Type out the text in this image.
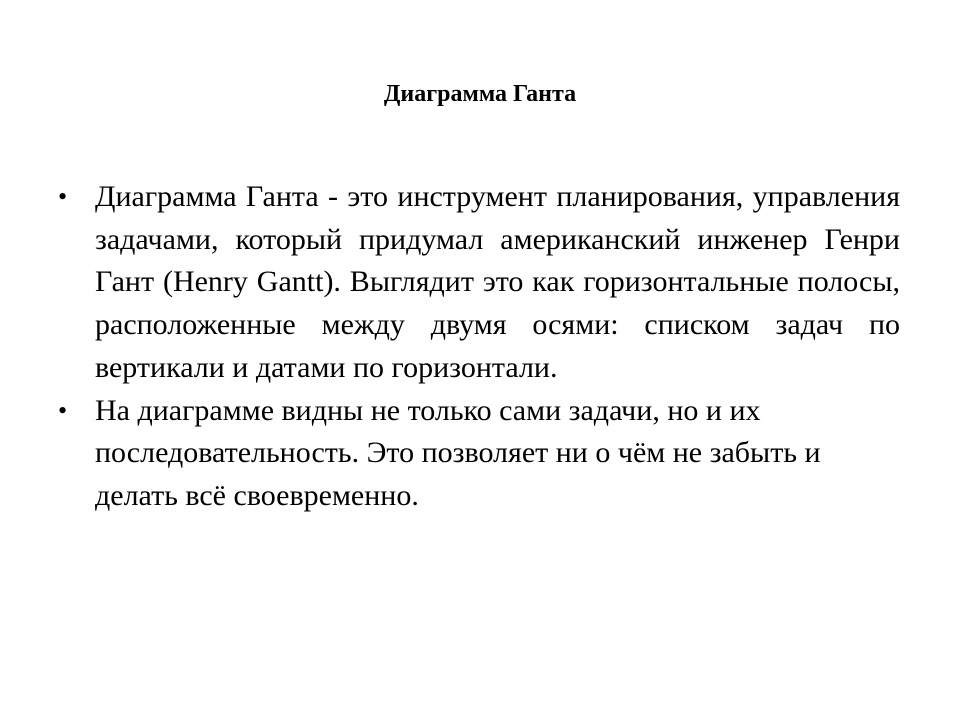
Диаграмма Ганта
• Диаграмма Ганта - это инструмент планирования, управления задачами, который придумал американский инженер Генри Гант (Henry Gantt). Выглядит это как горизонтальные полосы, расположенные между двумя осями: списком задач по вертикали и датами по горизонтали.
• На диаграмме видны не только сами задачи, но и их последовательность. Это позволяет ни о чём не забыть и делать всё своевременно.
